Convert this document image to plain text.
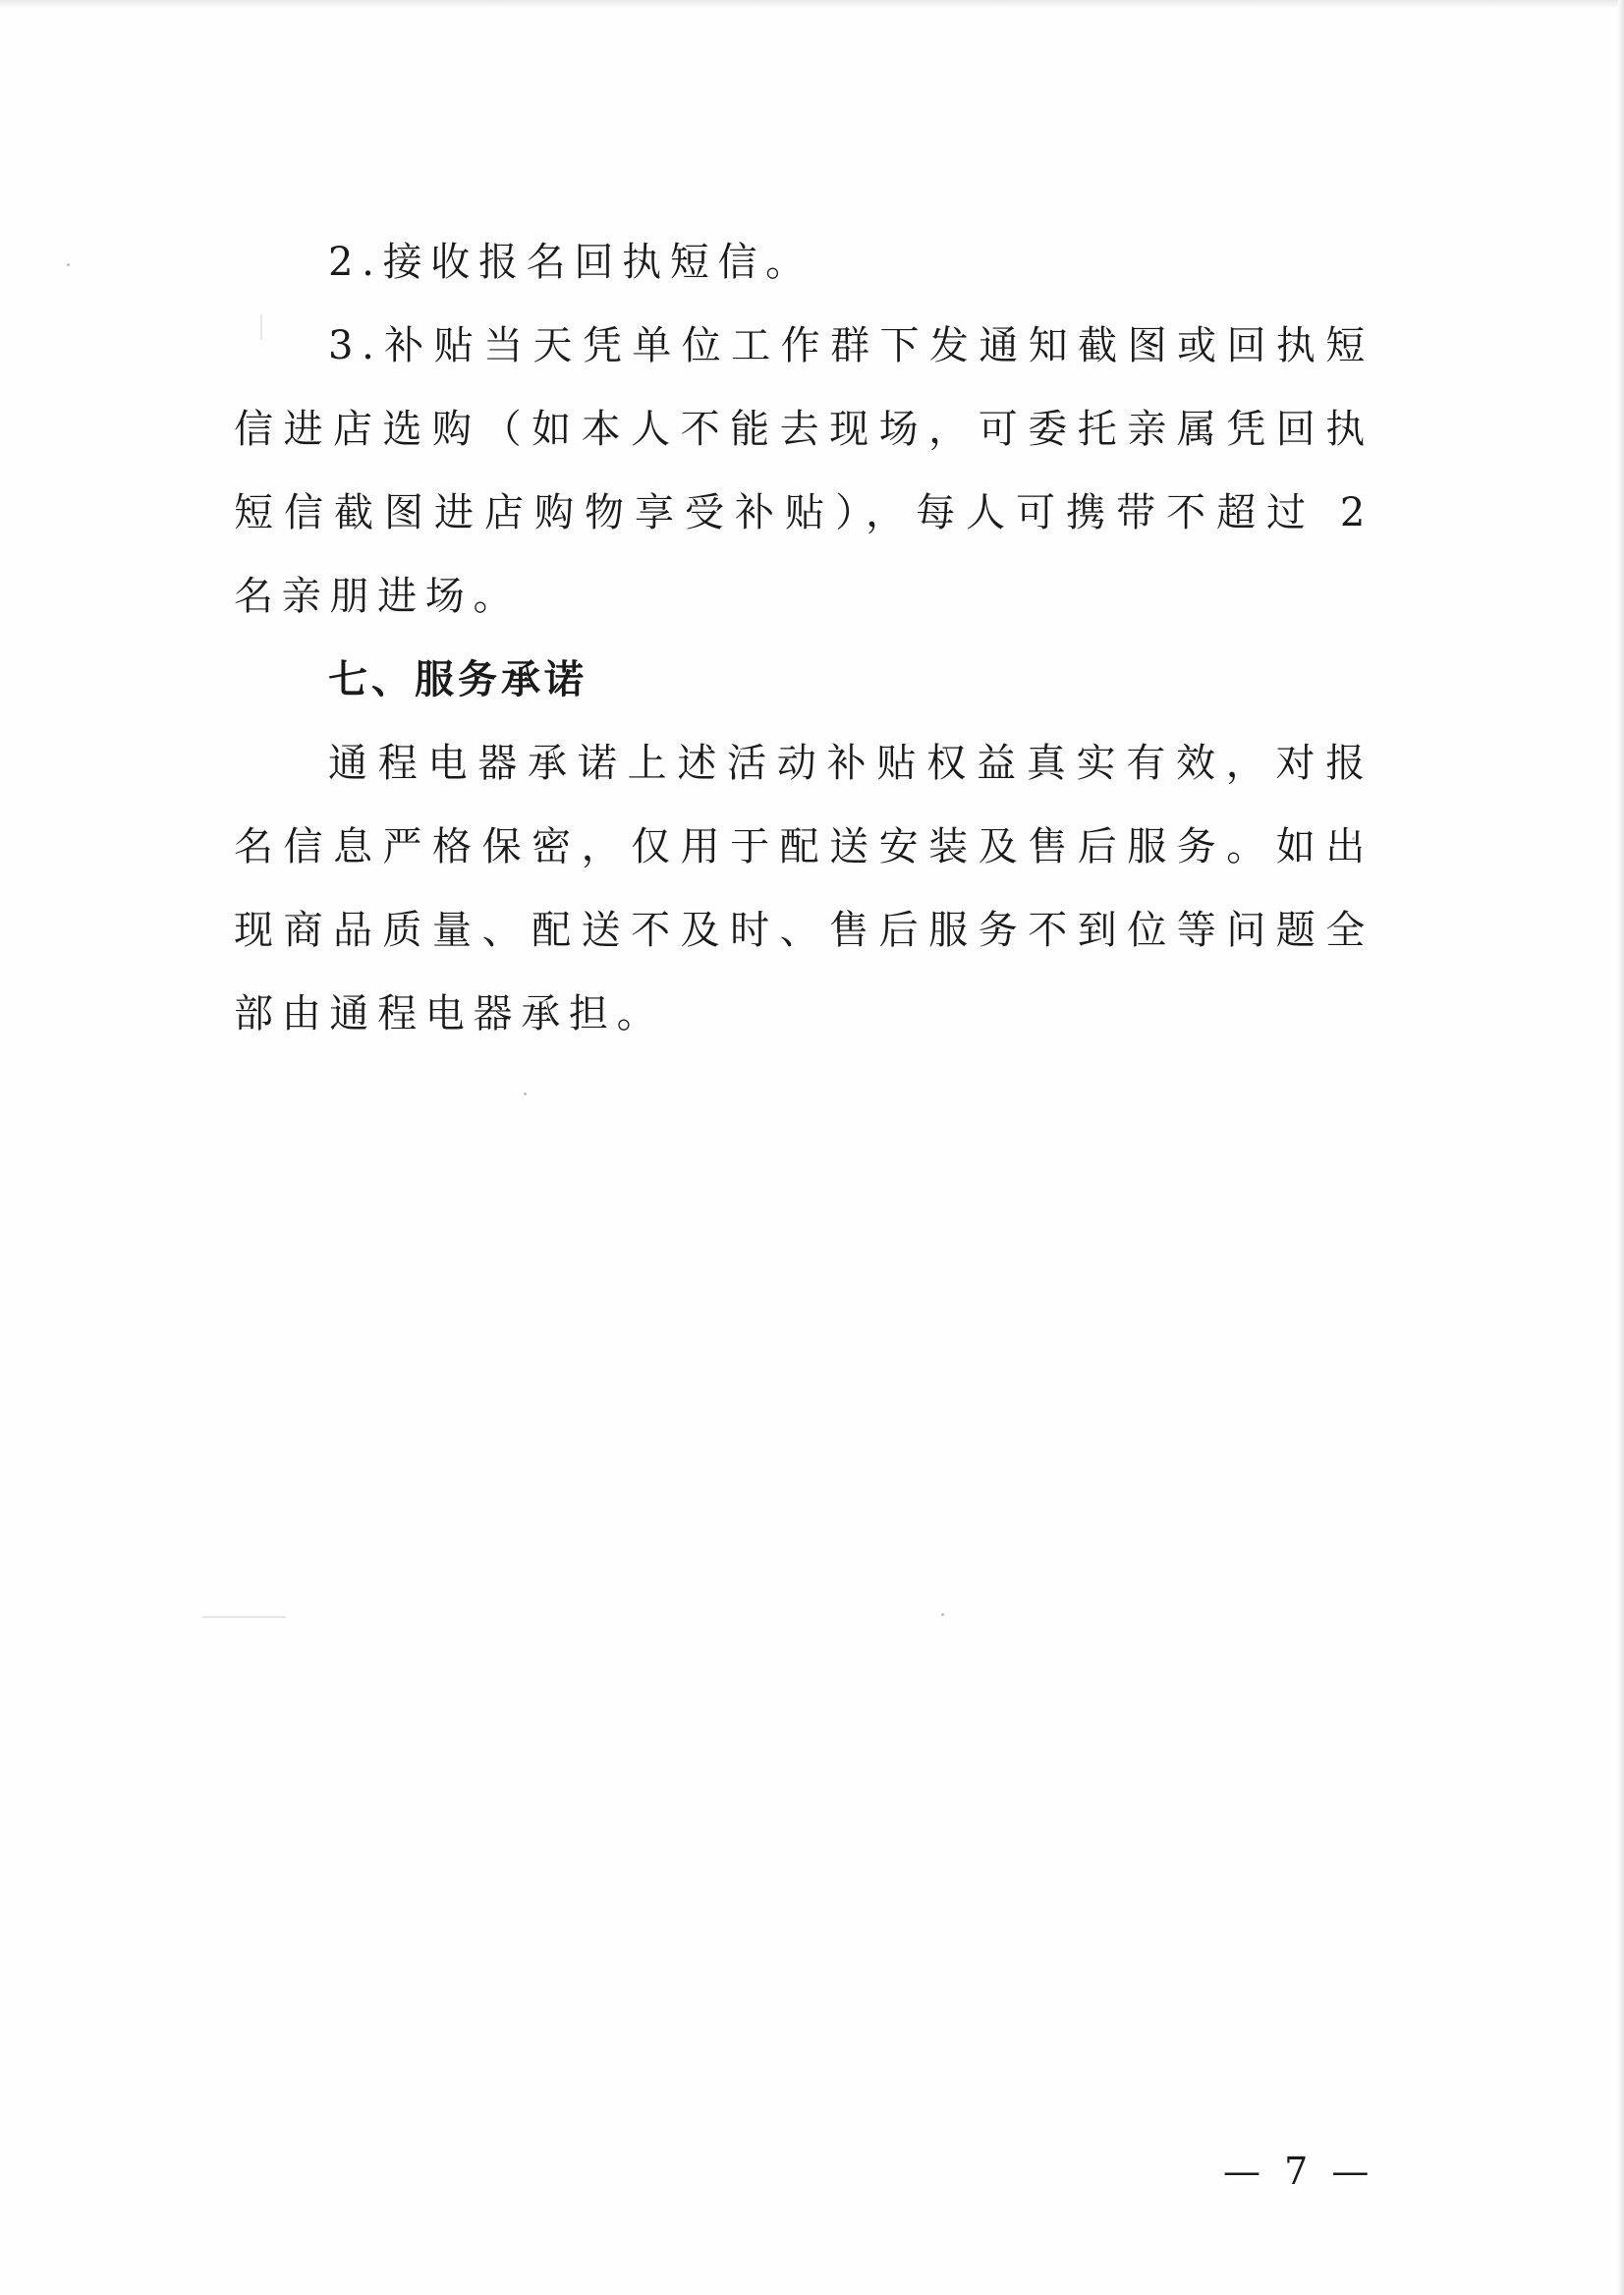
2.接收报名回执短信。

3.补贴当天凭单位工作群下发通知截图或回执短信进店选购（如本人不能去现场，可委托亲属凭回执短信截图进店购物享受补贴），每人可携带不超过 2 名亲朋进场。

七、服务承诺

通程电器承诺上述活动补贴权益真实有效，对报名信息严格保密，仅用于配送安装及售后服务。如出现商品质量、配送不及时、售后服务不到位等问题全部由通程电器承担。

— 7 —
